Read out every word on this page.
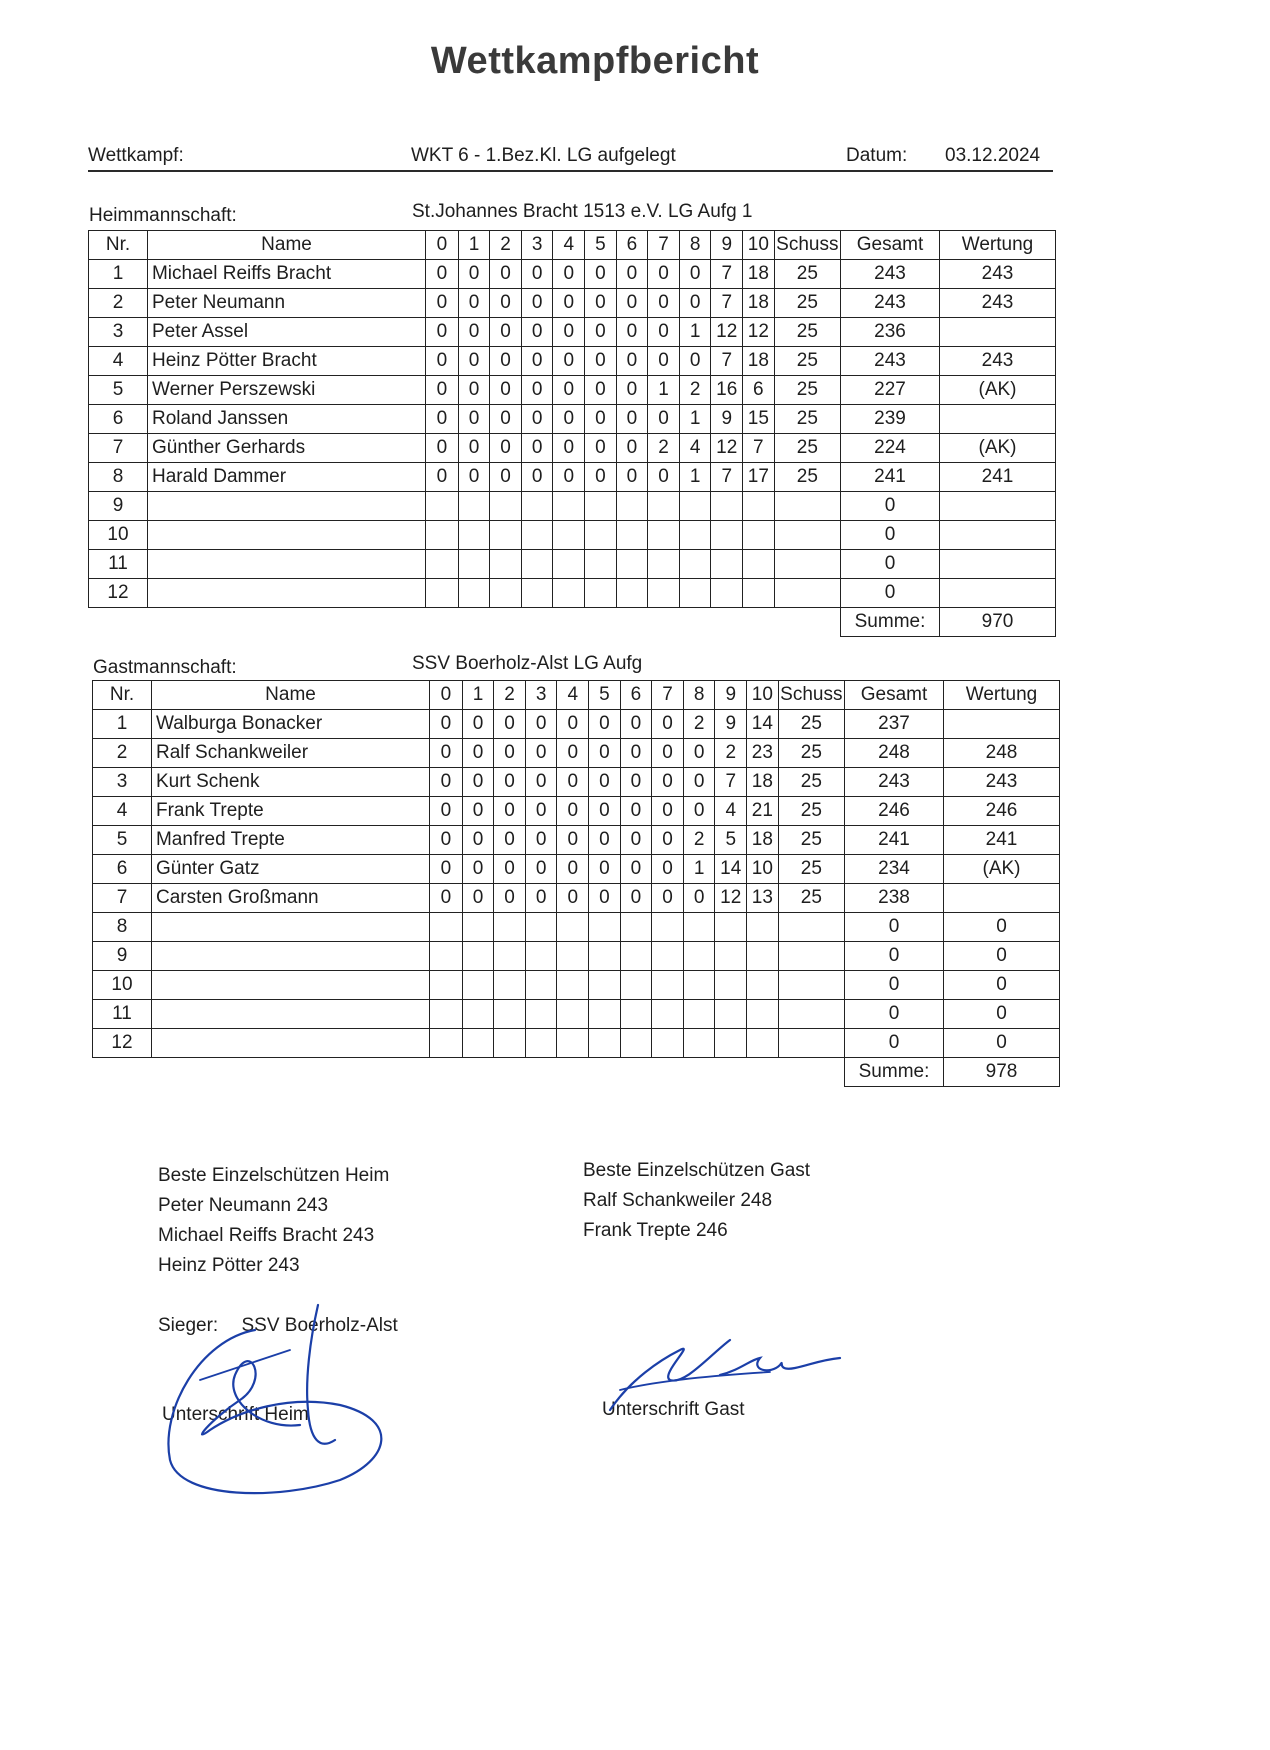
Wettkampfbericht
Wettkampf:	WKT 6 - 1.Bez.Kl. LG aufgelegt	Datum: 03.12.2024
Heimmannschaft:	St.Johannes Bracht 1513 e.V. LG Aufg 1
Nr.	Name	0	1	2	3	4	5	6	7	8	9	10	Schuss	Gesamt	Wertung
1	Michael Reiffs Bracht	0	0	0	0	0	0	0	0	0	7	18	25	243	243
2	Peter Neumann	0	0	0	0	0	0	0	0	0	7	18	25	243	243
3	Peter Assel	0	0	0	0	0	0	0	0	1	12	12	25	236	
4	Heinz Pötter Bracht	0	0	0	0	0	0	0	0	0	7	18	25	243	243
5	Werner Perszewski	0	0	0	0	0	0	0	1	2	16	6	25	227	(AK)
6	Roland Janssen	0	0	0	0	0	0	0	0	1	9	15	25	239	
7	Günther Gerhards	0	0	0	0	0	0	0	2	4	12	7	25	224	(AK)
8	Harald Dammer	0	0	0	0	0	0	0	0	1	7	17	25	241	241
9														0	
10														0	
11														0	
12														0	
														Summe:	970
Gastmannschaft:	SSV Boerholz-Alst LG Aufg
Nr.	Name	0	1	2	3	4	5	6	7	8	9	10	Schuss	Gesamt	Wertung
1	Walburga Bonacker	0	0	0	0	0	0	0	0	2	9	14	25	237	
2	Ralf Schankweiler	0	0	0	0	0	0	0	0	0	2	23	25	248	248
3	Kurt Schenk	0	0	0	0	0	0	0	0	0	7	18	25	243	243
4	Frank Trepte	0	0	0	0	0	0	0	0	0	4	21	25	246	246
5	Manfred Trepte	0	0	0	0	0	0	0	0	2	5	18	25	241	241
6	Günter Gatz	0	0	0	0	0	0	0	0	1	14	10	25	234	(AK)
7	Carsten Großmann	0	0	0	0	0	0	0	0	0	12	13	25	238	
8														0	0
9														0	0
10														0	0
11														0	0
12														0	0
														Summe:	978
Beste Einzelschützen Heim
Peter Neumann 243
Michael Reiffs Bracht 243
Heinz Pötter 243
Beste Einzelschützen Gast
Ralf Schankweiler 248
Frank Trepte 246
Sieger: SSV Boerholz-Alst
Unterschrift Heim	Unterschrift Gast
